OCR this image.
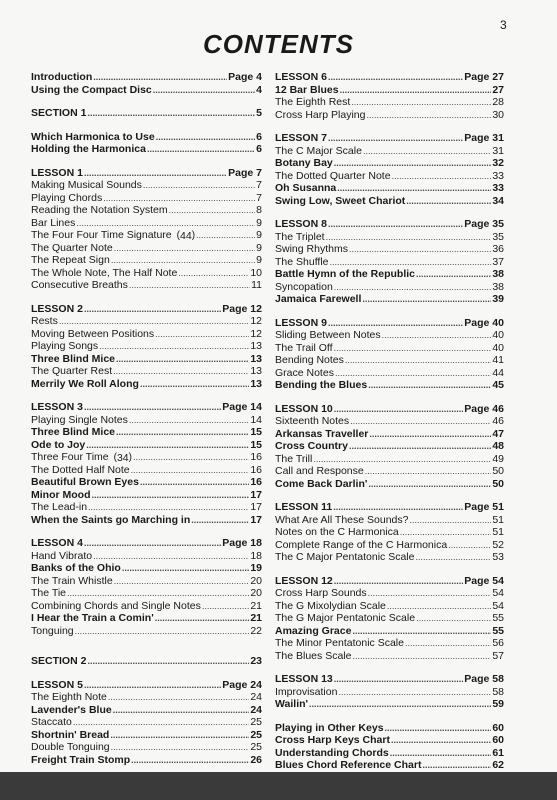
3
CONTENTS
Introduction .....	Page 4
Using the Compact Disc .....	4
SECTION 1 .....	5
Which Harmonica to Use .....	6
Holding the Harmonica .....	6
LESSON 1 .....	Page 7
Making Musical Sounds .....	7
Playing Chords .....	7
Reading the Notation System .....	8
Bar Lines .....	9
The Four Four Time Signature ( 44 ) .....	9
The Quarter Note .....	9
The Repeat Sign .....	9
The Whole Note, The Half Note .....	10
Consecutive Breaths .....	11
LESSON 2 .....	Page 12
Rests .....	12
Moving Between Positions .....	12
Playing Songs .....	13
Three Blind Mice .....	13
The Quarter Rest .....	13
Merrily We Roll Along .....	13
LESSON 3 .....	Page 14
Playing Single Notes .....	14
Three Blind Mice .....	15
Ode to Joy .....	15
Three Four Time ( 34 ) .....	16
The Dotted Half Note .....	16
Beautiful Brown Eyes .....	16
Minor Mood .....	17
The Lead-in .....	17
When the Saints go Marching in .....	17
LESSON 4 .....	Page 18
Hand Vibrato .....	18
Banks of the Ohio .....	19
The Train Whistle .....	20
The Tie .....	20
Combining Chords and Single Notes .....	21
I Hear the Train a Comin' .....	21
Tonguing .....	22
SECTION 2 .....	23
LESSON 5 .....	Page 24
The Eighth Note .....	24
Lavender's Blue .....	24
Staccato .....	25
Shortnin' Bread .....	25
Double Tonguing .....	25
Freight Train Stomp .....	26
LESSON 6 .....	Page 27
12 Bar Blues .....	27
The Eighth Rest .....	28
Cross Harp Playing .....	30
LESSON 7 .....	Page 31
The C Major Scale .....	31
Botany Bay .....	32
The Dotted Quarter Note .....	33
Oh Susanna .....	33
Swing Low, Sweet Chariot .....	34
LESSON 8 .....	Page 35
The Triplet .....	35
Swing Rhythms .....	36
The Shuffle .....	37
Battle Hymn of the Republic .....	38
Syncopation .....	38
Jamaica Farewell .....	39
LESSON 9 .....	Page 40
Sliding Between Notes .....	40
The Trail Off .....	40
Bending Notes .....	41
Grace Notes .....	44
Bending the Blues .....	45
LESSON 10 .....	Page 46
Sixteenth Notes .....	46
Arkansas Traveller .....	47
Cross Country .....	48
The Trill .....	49
Call and Response .....	50
Come Back Darlin' .....	50
LESSON 11 .....	Page 51
What Are All These Sounds? .....	51
Notes on the C Harmonica .....	51
Complete Range of the C Harmonica .....	52
The C Major Pentatonic Scale .....	53
LESSON 12 .....	Page 54
Cross Harp Sounds .....	54
The G Mixolydian Scale .....	54
The G Major Pentatonic Scale .....	55
Amazing Grace .....	55
The Minor Pentatonic Scale .....	56
The Blues Scale .....	57
LESSON 13 .....	Page 58
Improvisation .....	58
Wailin' .....	59
Playing in Other Keys .....	60
Cross Harp Keys Chart .....	60
Understanding Chords .....	61
Blues Chord Reference Chart .....	62
